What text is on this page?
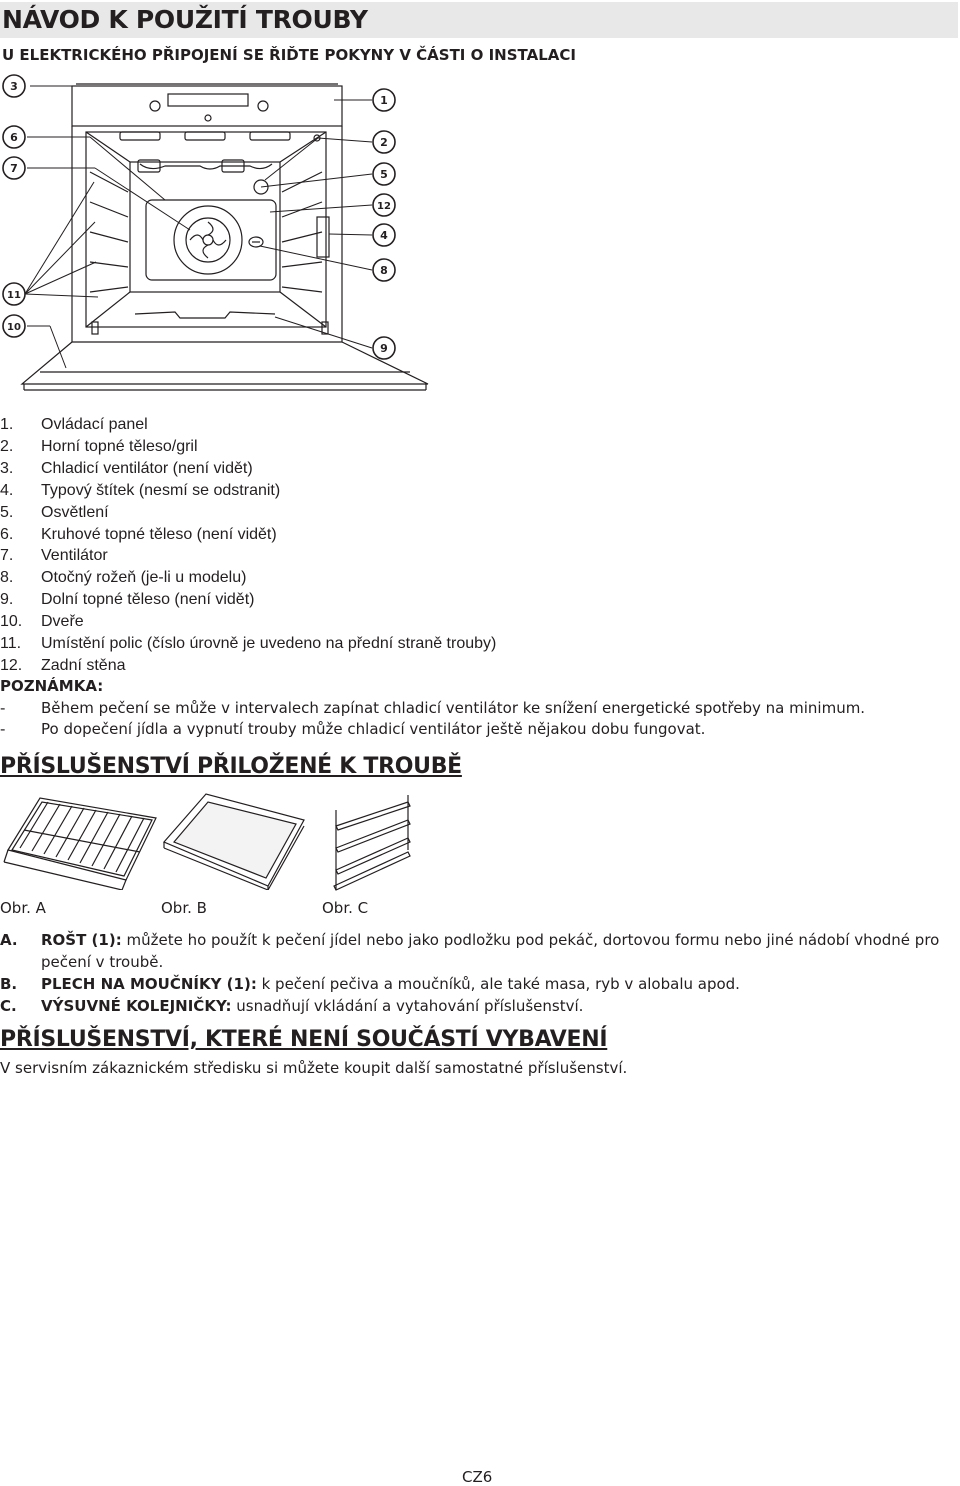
NÁVOD K POUŽITÍ TROUBY
U ELEKTRICKÉHO PŘIPOJENÍ SE ŘIĎTE POKYNY V ČÁSTI O INSTALACI
3
1
6	2
7	5
12
4
8
11
10
9
1. Ovládací panel
2. Horní topné těleso/gril
3. Chladicí ventilátor (není vidět)
4. Typový štítek (nesmí se odstranit)
5. Osvětlení
6. Kruhové topné těleso (není vidět)
7. Ventilátor
8. Otočný rožeň (je-li u modelu)
9. Dolní topné těleso (není vidět)
10. Dveře
11. Umístění polic (číslo úrovně je uvedeno na přední straně trouby)
12. Zadní stěna
POZNÁMKA:
- Během pečení se může v intervalech zapínat chladicí ventilátor ke snížení energetické spotřeby na minimum.
- Po dopečení jídla a vypnutí trouby může chladicí ventilátor ještě nějakou dobu fungovat.
PŘÍSLUŠENSTVÍ PŘILOŽENÉ K TROUBĚ
Obr. A	Obr. B	Obr. C
A. ROŠT (1): můžete ho použít k pečení jídel nebo jako podložku pod pekáč, dortovou formu nebo jiné nádobí vhodné pro pečení v troubě.
B. PLECH NA MOUČNÍKY (1): k pečení pečiva a moučníků, ale také masa, ryb v alobalu apod.
C. VÝSUVNÉ KOLEJNIČKY: usnadňují vkládání a vytahování příslušenství.
PŘÍSLUŠENSTVÍ, KTERÉ NENÍ SOUČÁSTÍ VYBAVENÍ
V servisním zákaznickém středisku si můžete koupit další samostatné příslušenství.
CZ6
